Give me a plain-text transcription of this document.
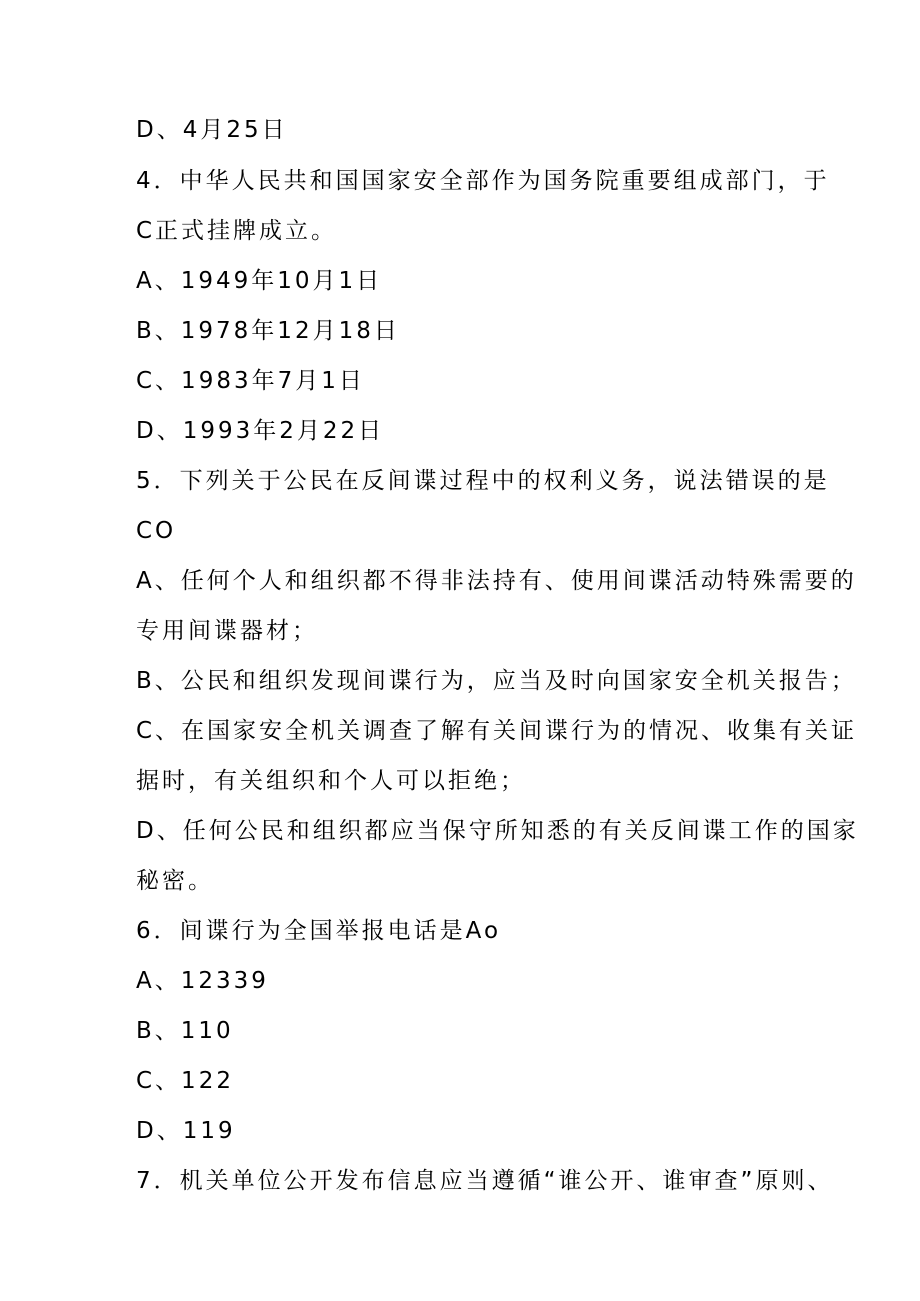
D、4月25日
4．中华人民共和国国家安全部作为国务院重要组成部门，于
C正式挂牌成立。
A、1949年10月1日
B、1978年12月18日
C、1983年7月1日
D、1993年2月22日
5．下列关于公民在反间谍过程中的权利义务，说法错误的是
CO
A、任何个人和组织都不得非法持有、使用间谍活动特殊需要的
专用间谍器材；
B、公民和组织发现间谍行为，应当及时向国家安全机关报告；
C、在国家安全机关调查了解有关间谍行为的情况、收集有关证
据时，有关组织和个人可以拒绝；
D、任何公民和组织都应当保守所知悉的有关反间谍工作的国家
秘密。
6．间谍行为全国举报电话是Ao
A、12339
B、110
C、122
D、119
7．机关单位公开发布信息应当遵循“谁公开、谁审查”原则、
